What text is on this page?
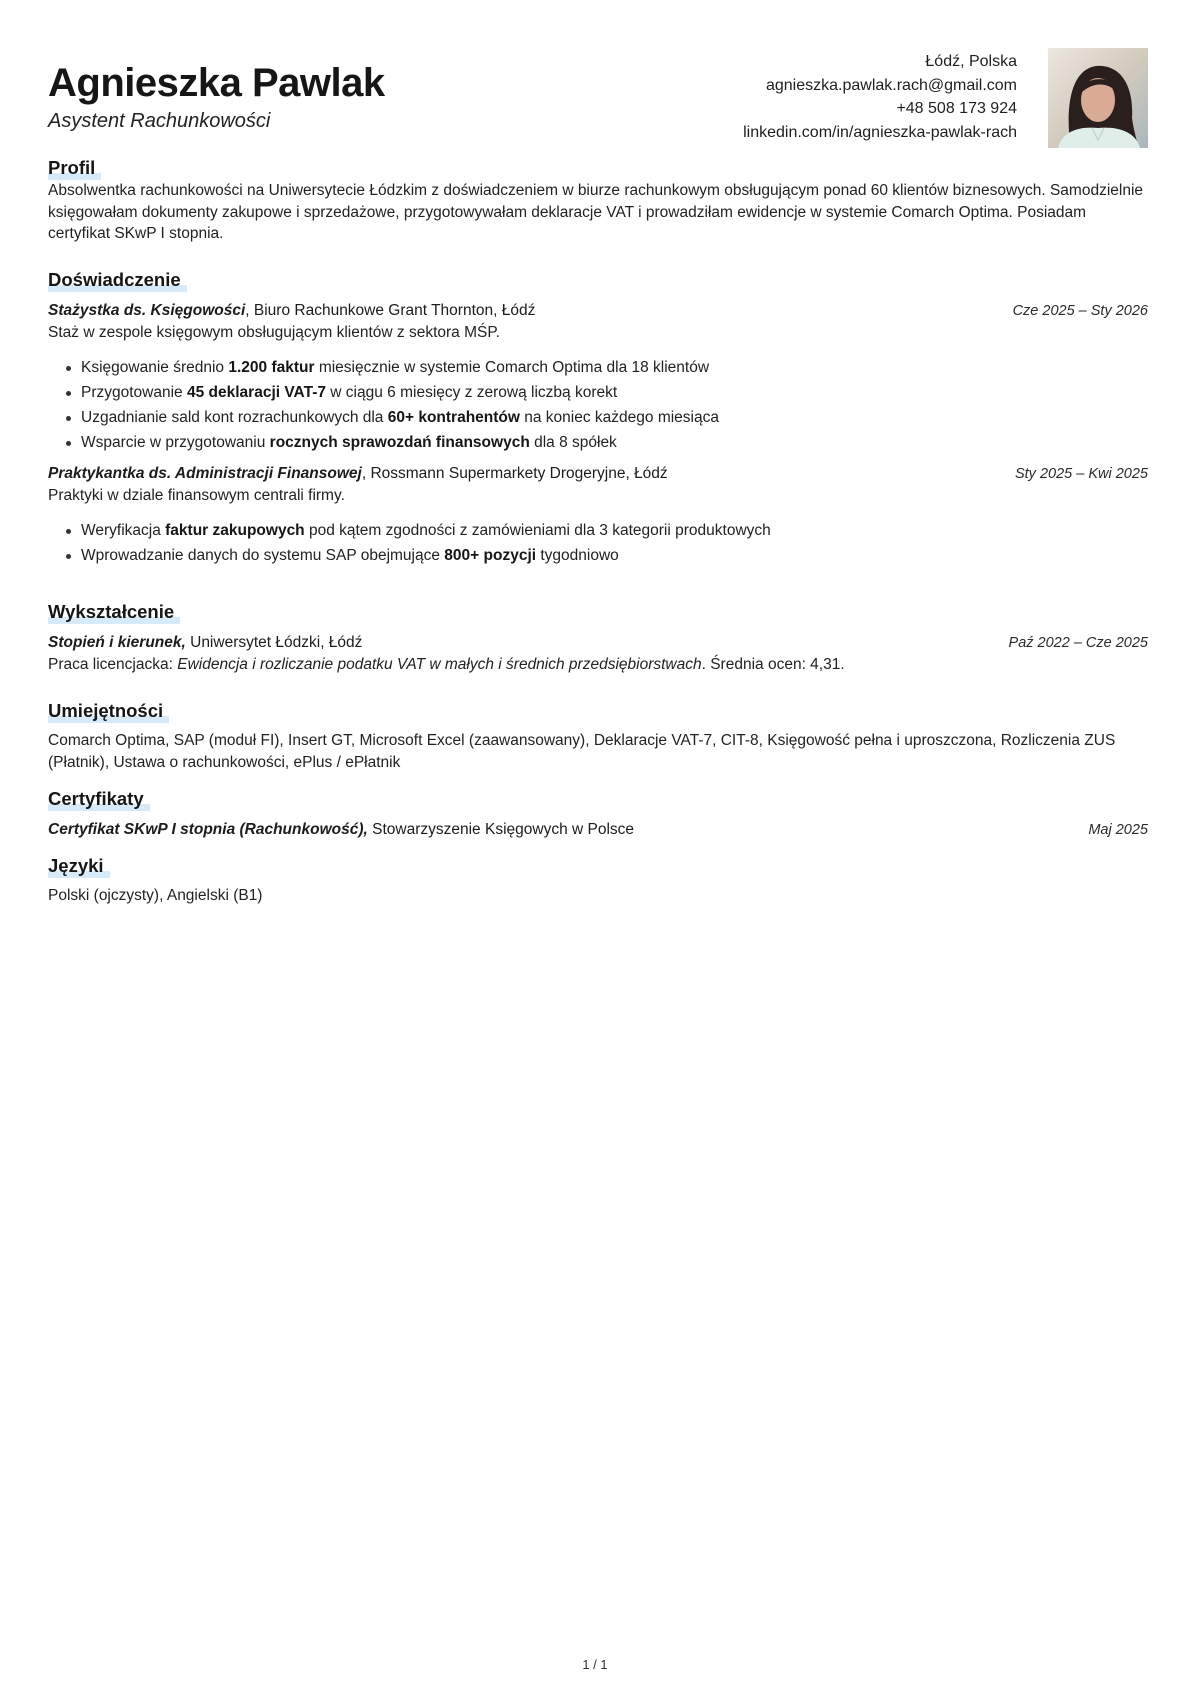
Agnieszka Pawlak
Asystent Rachunkowości
Łódź, Polska
agnieszka.pawlak.rach@gmail.com
+48 508 173 924
linkedin.com/in/agnieszka-pawlak-rach
Profil
Absolwentka rachunkowości na Uniwersytecie Łódzkim z doświadczeniem w biurze rachunkowym obsługującym ponad 60 klientów biznesowych. Samodzielnie księgowałam dokumenty zakupowe i sprzedażowe, przygotowywałam deklaracje VAT i prowadziłam ewidencje w systemie Comarch Optima. Posiadam certyfikat SKwP I stopnia.
Doświadczenie
Stażystka ds. Księgowości, Biuro Rachunkowe Grant Thornton, Łódź	Cze 2025 – Sty 2026
Staż w zespole księgowym obsługującym klientów z sektora MŚP.
Księgowanie średnio 1.200 faktur miesięcznie w systemie Comarch Optima dla 18 klientów
Przygotowanie 45 deklaracji VAT-7 w ciągu 6 miesięcy z zerową liczbą korekt
Uzgadnianie sald kont rozrachunkowych dla 60+ kontrahentów na koniec każdego miesiąca
Wsparcie w przygotowaniu rocznych sprawozdań finansowych dla 8 spółek
Praktykantka ds. Administracji Finansowej, Rossmann Supermarkety Drogeryjne, Łódź	Sty 2025 – Kwi 2025
Praktyki w dziale finansowym centrali firmy.
Weryfikacja faktur zakupowych pod kątem zgodności z zamówieniami dla 3 kategorii produktowych
Wprowadzanie danych do systemu SAP obejmujące 800+ pozycji tygodniowo
Wykształcenie
Stopień i kierunek, Uniwersytet Łódzki, Łódź	Paź 2022 – Cze 2025
Praca licencjacka: Ewidencja i rozliczanie podatku VAT w małych i średnich przedsiębiorstwach. Średnia ocen: 4,31.
Umiejętności
Comarch Optima, SAP (moduł FI), Insert GT, Microsoft Excel (zaawansowany), Deklaracje VAT-7, CIT-8, Księgowość pełna i uproszczona, Rozliczenia ZUS (Płatnik), Ustawa o rachunkowości, ePlus / ePłatnik
Certyfikaty
Certyfikat SKwP I stopnia (Rachunkowość), Stowarzyszenie Księgowych w Polsce	Maj 2025
Języki
Polski (ojczysty), Angielski (B1)
1 / 1
